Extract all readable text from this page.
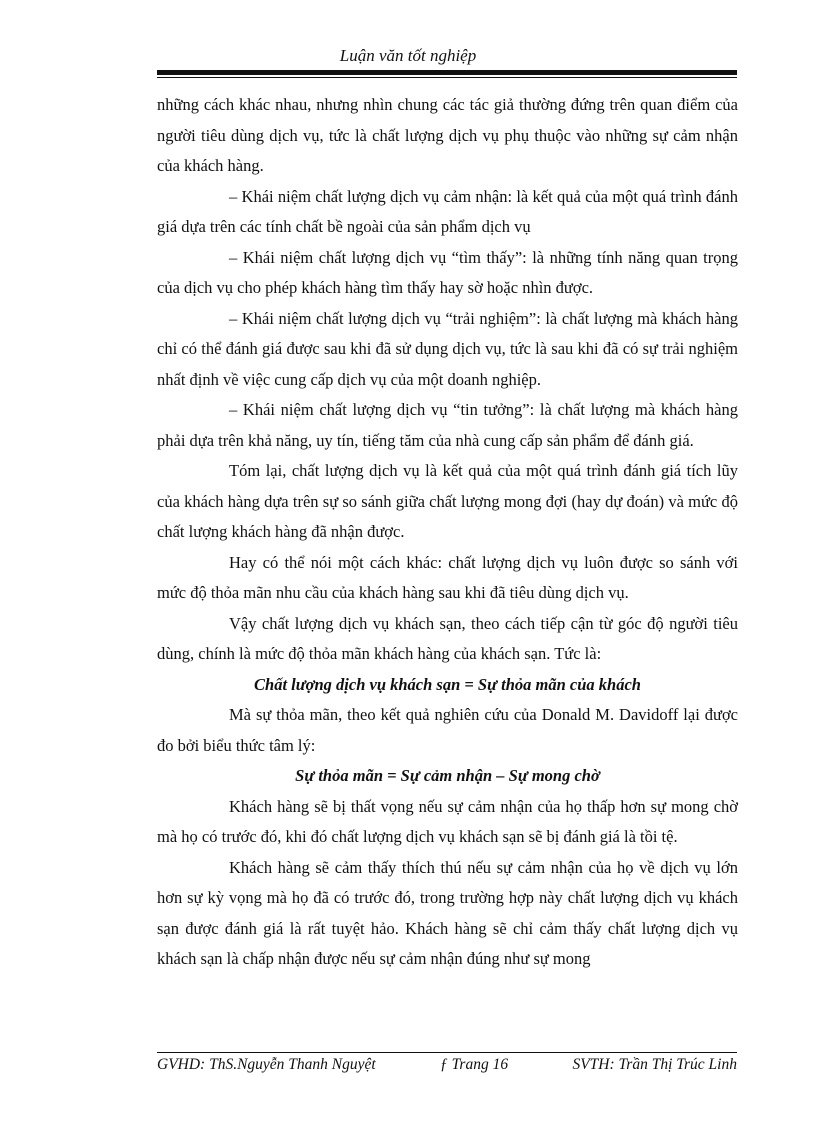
Luận văn tốt nghiệp

những cách khác nhau, nhưng nhìn chung các tác giả thường đứng trên quan điểm của người tiêu dùng dịch vụ, tức là chất lượng dịch vụ phụ thuộc vào những sự cảm nhận của khách hàng.

– Khái niệm chất lượng dịch vụ cảm nhận: là kết quả của một quá trình đánh giá dựa trên các tính chất bề ngoài của sản phẩm dịch vụ

– Khái niệm chất lượng dịch vụ “tìm thấy”: là những tính năng quan trọng của dịch vụ cho phép khách hàng tìm thấy hay sờ hoặc nhìn được.

– Khái niệm chất lượng dịch vụ “trải nghiệm”: là chất lượng mà khách hàng chỉ có thể đánh giá được sau khi đã sử dụng dịch vụ, tức là sau khi đã có sự trải nghiệm nhất định về việc cung cấp dịch vụ của một doanh nghiệp.

– Khái niệm chất lượng dịch vụ “tin tưởng”: là chất lượng mà khách hàng phải dựa trên khả năng, uy tín, tiếng tăm của nhà cung cấp sản phẩm để đánh giá.

Tóm lại, chất lượng dịch vụ là kết quả của một quá trình đánh giá tích lũy của khách hàng dựa trên sự so sánh giữa chất lượng mong đợi (hay dự đoán) và mức độ chất lượng khách hàng đã nhận được.

Hay có thể nói một cách khác: chất lượng dịch vụ luôn được so sánh với mức độ thỏa mãn nhu cầu của khách hàng sau khi đã tiêu dùng dịch vụ.

Vậy chất lượng dịch vụ khách sạn, theo cách tiếp cận từ góc độ người tiêu dùng, chính là mức độ thỏa mãn khách hàng của khách sạn. Tức là:

Chất lượng dịch vụ khách sạn = Sự thỏa mãn của khách

Mà sự thỏa mãn, theo kết quả nghiên cứu của Donald M. Davidoff lại được đo bởi biểu thức tâm lý:

Sự thỏa mãn = Sự cảm nhận – Sự mong chờ

Khách hàng sẽ bị thất vọng nếu sự cảm nhận của họ thấp hơn sự mong chờ mà họ có trước đó, khi đó chất lượng dịch vụ khách sạn sẽ bị đánh giá là tồi tệ.

Khách hàng sẽ cảm thấy thích thú nếu sự cảm nhận của họ về dịch vụ lớn hơn sự kỳ vọng mà họ đã có trước đó, trong trường hợp này chất lượng dịch vụ khách sạn được đánh giá là rất tuyệt hảo. Khách hàng sẽ chỉ cảm thấy chất lượng dịch vụ khách sạn là chấp nhận được nếu sự cảm nhận đúng như sự mong

GVHD: ThS.Nguyễn Thanh Nguyệt	ƒ Trang 16	SVTH: Trần Thị Trúc Linh
